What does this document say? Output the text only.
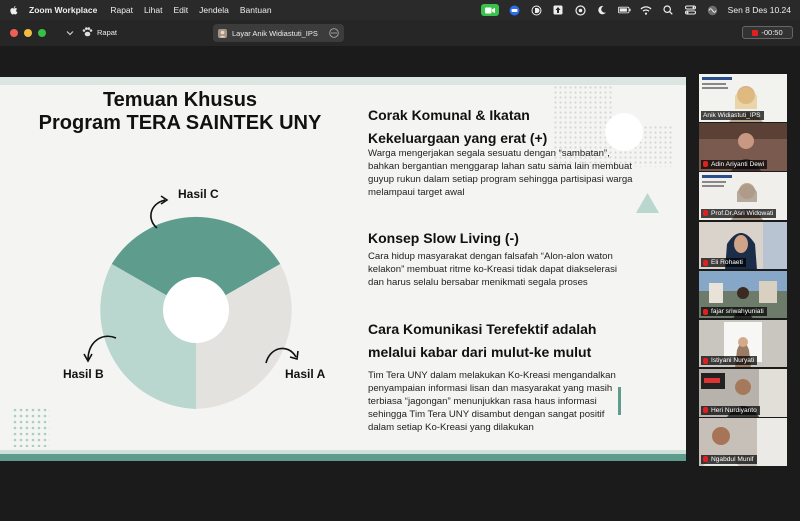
Zoom Workplace Rapat Lihat Edit Jendela Bantuan	Sen 8 Des 10.24
Rapat	Layar Anik Widiastuti_IPS	-00:50
Temuan Khusus
Program TERA SAINTEK UNY
Hasil C
Hasil B	Hasil A
Corak Komunal & Ikatan
Kekeluargaan yang erat (+)
Warga mengerjakan segala sesuatu dengan “sambatan”,
bahkan bergantian menggarap lahan satu sama lain membuat
guyup rukun dalam setiap program sehingga partisipasi warga
melampaui target awal
Konsep Slow Living (-)
Cara hidup masyarakat dengan falsafah “Alon-alon waton
kelakon” membuat ritme ko-Kreasi tidak dapat diakselerasi
dan harus selalu bersabar menikmati segala proses
Cara Komunikasi Terefektif adalah
melalui kabar dari mulut-ke mulut
Tim Tera UNY dalam melakukan Ko-Kreasi mengandalkan
penyampaian informasi lisan dan masyarakat yang masih
terbiasa “jagongan” menunjukkan rasa haus informasi
sehingga Tim Tera UNY disambut dengan sangat positif
dalam setiap Ko-Kreasi yang dilakukan
Anik Widiastuti_IPS
Adin Ariyanti Dewi
Prof.Dr.Asri Widowati
Eli Rohaeti
fajar sriwahyuniati
Istiyani Nuryati
Heri Nurdiyanto
Ngabdul Munif
